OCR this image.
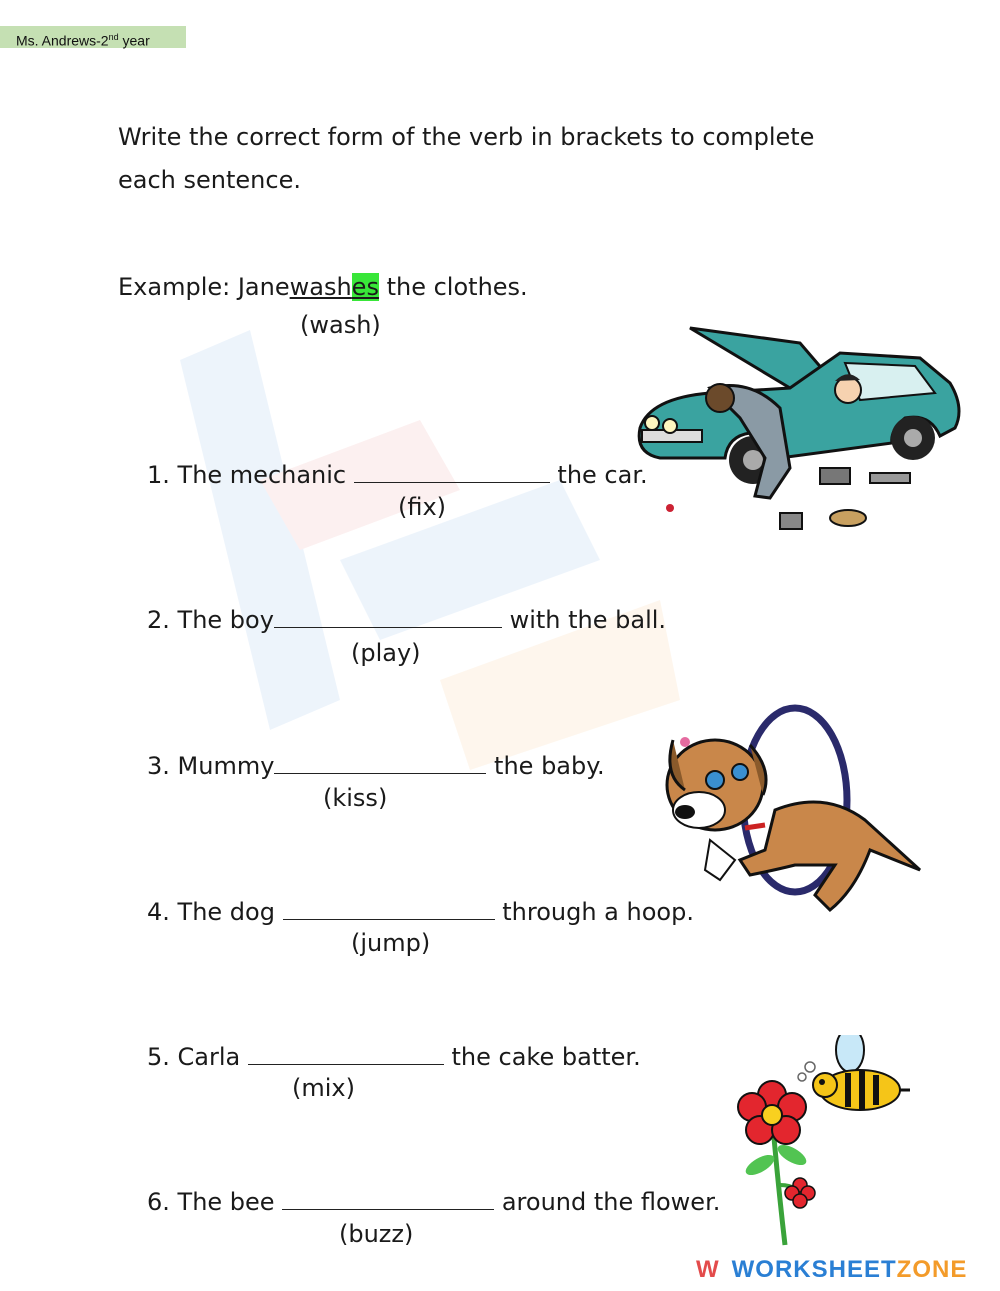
Ms. Andrews-2nd year
Write the correct form of the verb in brackets to complete each sentence.
Example: Janewashes the clothes.
(wash)
1. The mechanic	the car.
(fix)
2. The boy	with the ball.
(play)
3. Mummy	the baby.
(kiss)
4. The dog	through a hoop.
(jump)
5. Carla	the cake batter.
(mix)
6. The bee	around the flower.
(buzz)
W WORKSHEETZONE
